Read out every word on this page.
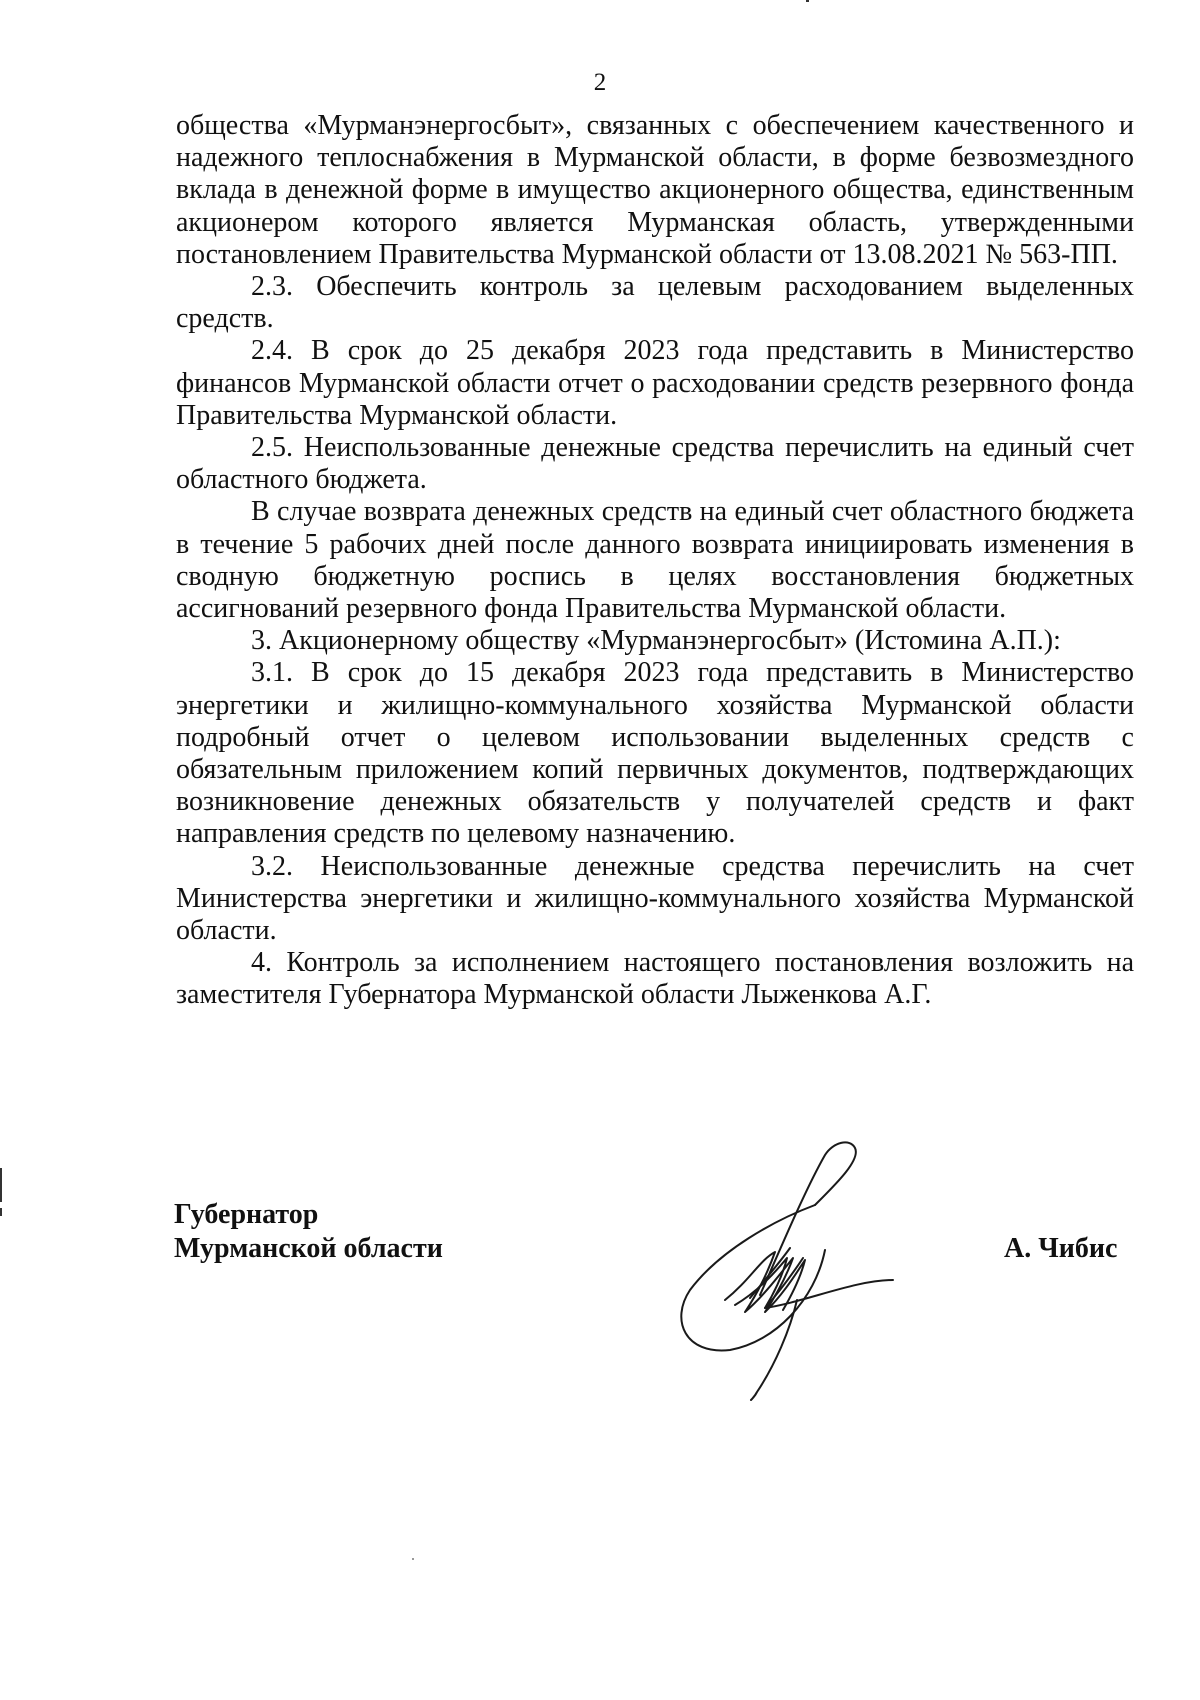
2

общества «Мурманэнергосбыт», связанных с обеспечением качественного и надежного теплоснабжения в Мурманской области, в форме безвозмездного вклада в денежной форме в имущество акционерного общества, единственным акционером которого является Мурманская область, утвержденными постановлением Правительства Мурманской области от 13.08.2021 № 563-ПП.

2.3. Обеспечить контроль за целевым расходованием выделенных средств.

2.4. В срок до 25 декабря 2023 года представить в Министерство финансов Мурманской области отчет о расходовании средств резервного фонда Правительства Мурманской области.

2.5. Неиспользованные денежные средства перечислить на единый счет областного бюджета.

В случае возврата денежных средств на единый счет областного бюджета в течение 5 рабочих дней после данного возврата инициировать изменения в сводную бюджетную роспись в целях восстановления бюджетных ассигнований резервного фонда Правительства Мурманской области.

3. Акционерному обществу «Мурманэнергосбыт» (Истомина А.П.):

3.1. В срок до 15 декабря 2023 года представить в Министерство энергетики и жилищно-коммунального хозяйства Мурманской области подробный отчет о целевом использовании выделенных средств с обязательным приложением копий первичных документов, подтверждающих возникновение денежных обязательств у получателей средств и факт направления средств по целевому назначению.

3.2. Неиспользованные денежные средства перечислить на счет Министерства энергетики и жилищно-коммунального хозяйства Мурманской области.

4. Контроль за исполнением настоящего постановления возложить на заместителя Губернатора Мурманской области Лыженкова А.Г.

Губернатор
Мурманской области	А. Чибис
